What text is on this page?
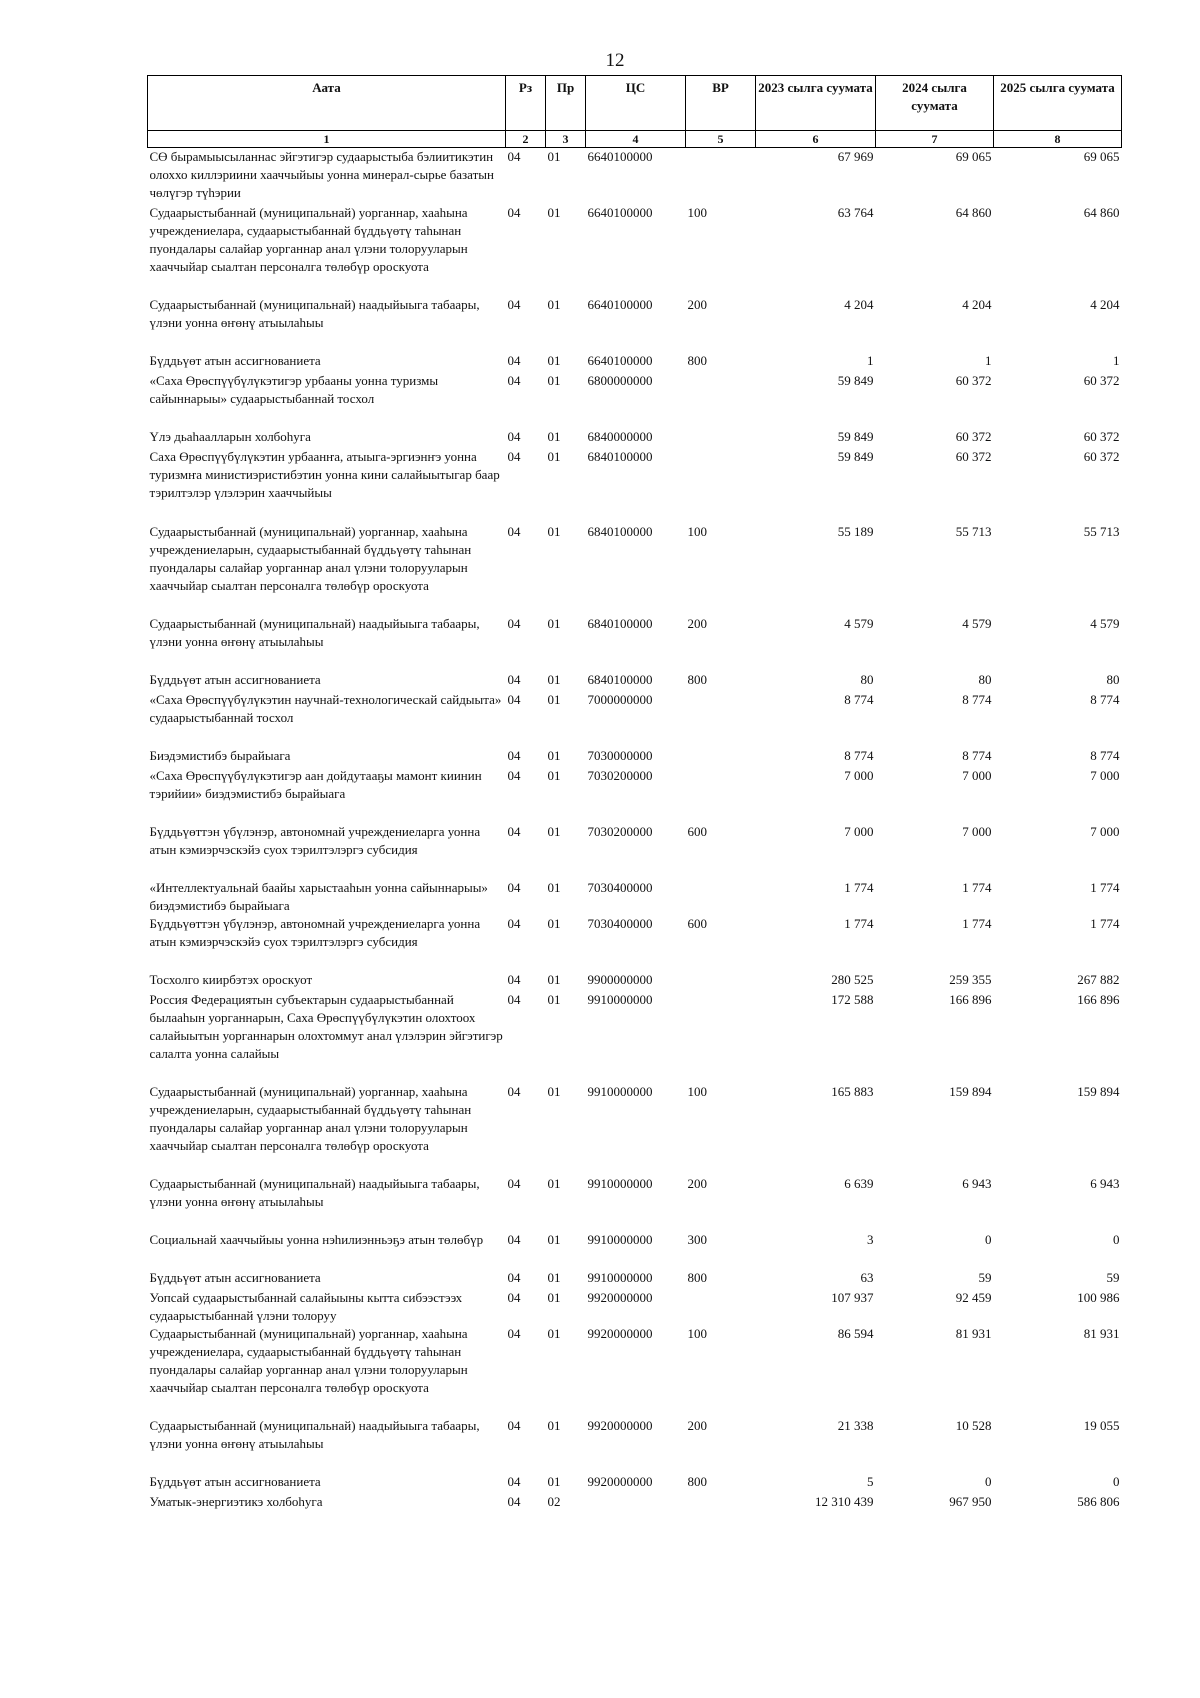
12
Аата	Рз	Пр	ЦС	ВР	2023 сылга суумата	2024 сылга суумата	2025 сылга суумата
1	2	3	4	5	6	7	8
СӨ бырамыысыланнас эйгэтигэр судаарыстыба бэлиитикэтин олоххо киллэриини хааччыйыы уонна минерал-сырье базатын чөлүгэр түһэрии	04	01	6640100000		67 969	69 065	69 065
Судаарыстыбаннай (муниципальнай) уорганнар, хааһына учреждениелара, судаарыстыбаннай бүддьүөтү таһынан пуондалары салайар уорганнар анал үлэни толорууларын хааччыйар сыалтан персоналга төлөбүр ороскуота	04	01	6640100000	100	63 764	64 860	64 860
Судаарыстыбаннай (муниципальнай) наадыйыыга табаары, үлэни уонна өҥөнү атыылаһыы	04	01	6640100000	200	4 204	4 204	4 204
Бүддьүөт атын ассигнованиета	04	01	6640100000	800	1	1	1
«Саха Өрөспүүбүлүкэтигэр урбааны уонна туризмы сайыннарыы» судаарыстыбаннай тосхол	04	01	6800000000		59 849	60 372	60 372
Үлэ дьаһаалларын холбоһуга	04	01	6840000000		59 849	60 372	60 372
Саха Өрөспүүбүлүкэтин урбаанҥа, атыыга-эргиэнҥэ уонна туризмҥа министиэристибэтин уонна кини салайыытыгар баар тэрилтэлэр үлэлэрин хааччыйыы	04	01	6840100000		59 849	60 372	60 372
Судаарыстыбаннай (муниципальнай) уорганнар, хааһына учреждениеларын, судаарыстыбаннай бүддьүөтү таһынан пуондалары салайар уорганнар анал үлэни толорууларын хааччыйар сыалтан персоналга төлөбүр ороскуота	04	01	6840100000	100	55 189	55 713	55 713
Судаарыстыбаннай (муниципальнай) наадыйыыга табаары, үлэни уонна өҥөнү атыылаһыы	04	01	6840100000	200	4 579	4 579	4 579
Бүддьүөт атын ассигнованиета	04	01	6840100000	800	80	80	80
«Саха Өрөспүүбүлүкэтин научнай-технологическай сайдыыта» судаарыстыбаннай тосхол	04	01	7000000000		8 774	8 774	8 774
Биэдэмистибэ бырайыага	04	01	7030000000		8 774	8 774	8 774
«Саха Өрөспүүбүлүкэтигэр аан дойдутааҕы мамонт киинин тэрийии» биэдэмистибэ бырайыага	04	01	7030200000		7 000	7 000	7 000
Бүддьүөттэн үбүлэнэр, автономнай учреждениеларга уонна атын кэмиэрчэскэйэ суох тэрилтэлэргэ субсидия	04	01	7030200000	600	7 000	7 000	7 000
«Интеллектуальнай баайы харыстааһын уонна сайыннарыы» биэдэмистибэ бырайыага	04	01	7030400000		1 774	1 774	1 774
Бүддьүөттэн үбүлэнэр, автономнай учреждениеларга уонна атын кэмиэрчэскэйэ суох тэрилтэлэргэ субсидия	04	01	7030400000	600	1 774	1 774	1 774
Тосхолго киирбэтэх ороскуот	04	01	9900000000		280 525	259 355	267 882
Россия Федерациятын субъектарын судаарыстыбаннай былааһын уорганнарын, Саха Өрөспүүбүлүкэтин олохтоох салайыытын уорганнарын олохтоммут анал үлэлэрин эйгэтигэр салалта уонна салайыы	04	01	9910000000		172 588	166 896	166 896
Судаарыстыбаннай (муниципальнай) уорганнар, хааһына учреждениеларын, судаарыстыбаннай бүддьүөтү таһынан пуондалары салайар уорганнар анал үлэни толорууларын хааччыйар сыалтан персоналга төлөбүр ороскуота	04	01	9910000000	100	165 883	159 894	159 894
Судаарыстыбаннай (муниципальнай) наадыйыыга табаары, үлэни уонна өҥөнү атыылаһыы	04	01	9910000000	200	6 639	6 943	6 943
Социальнай хааччыйыы уонна нэһилиэнньэҕэ атын төлөбүр	04	01	9910000000	300	3	0	0
Бүддьүөт атын ассигнованиета	04	01	9910000000	800	63	59	59
Уопсай судаарыстыбаннай салайыыны кытта сибээстээх судаарыстыбаннай үлэни толоруу	04	01	9920000000		107 937	92 459	100 986
Судаарыстыбаннай (муниципальнай) уорганнар, хааһына учреждениелара, судаарыстыбаннай бүддьүөтү таһынан пуондалары салайар уорганнар анал үлэни толорууларын хааччыйар сыалтан персоналга төлөбүр ороскуота	04	01	9920000000	100	86 594	81 931	81 931
Судаарыстыбаннай (муниципальнай) наадыйыыга табаары, үлэни уонна өҥөнү атыылаһыы	04	01	9920000000	200	21 338	10 528	19 055
Бүддьүөт атын ассигнованиета	04	01	9920000000	800	5	0	0
Уматык-энергиэтикэ холбоһуга	04	02			12 310 439	967 950	586 806
